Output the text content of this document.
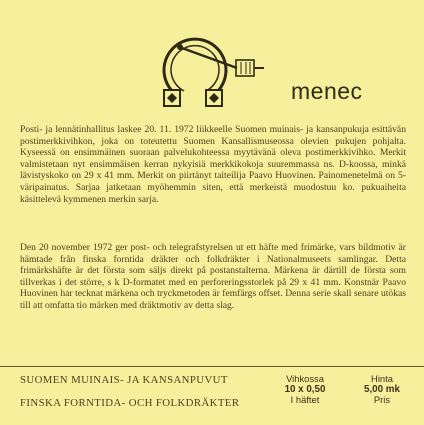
menec

Posti- ja lennätinhallitus laskee 20. 11. 1972 liikkeelle Suomen muinais- ja kansanpukuja esittävän postimerkkivihkon, joka on toteutettu Suomen Kansallismuseossa olevien pukujen pohjalta. Kyseessä on ensimmäinen suoraan palvelukohteessa myytävänä oleva postimerkkivihko. Merkit valmistetaan nyt ensimmäisen kerran nykyisiä merkkikokoja suuremmassa ns. D-koossa, minkä lävistyskoko on 29 x 41 mm. Merkit on piirtänyt taiteilija Paavo Huovinen. Painomenetelmä on 5-väripainatus. Sarjaa jatketaan myöhemmin siten, että merkeistä muodostuu ko. pukuaiheita käsittelevä kymmenen merkin sarja.

Den 20 november 1972 ger post- och telegrafstyrelsen ut ett häfte med frimärke, vars bildmotiv är hämtade från finska forntida dräkter och folkdräkter i Nationalmuseets samlingar. Detta frimärkshäfte är det första som säljs direkt på postanstalterna. Märkena är därtill de första som tillverkas i det större, s k D-formatet med en perforeringsstorlek på 29 x 41 mm. Konstnär Paavo Huovinen har tecknat märkena och tryckmetoden är femfärgs offset. Denna serie skall senare utökas till att omfatta tio märken med dräktmotiv av detta slag.

SUOMEN MUINAIS- JA KANSANPUVUT
FINSKA FORNTIDA- OCH FOLKDRÄKTER
Vihkossa
10 x 0,50
I häftet
Hinta
5,00 mk
Pris
